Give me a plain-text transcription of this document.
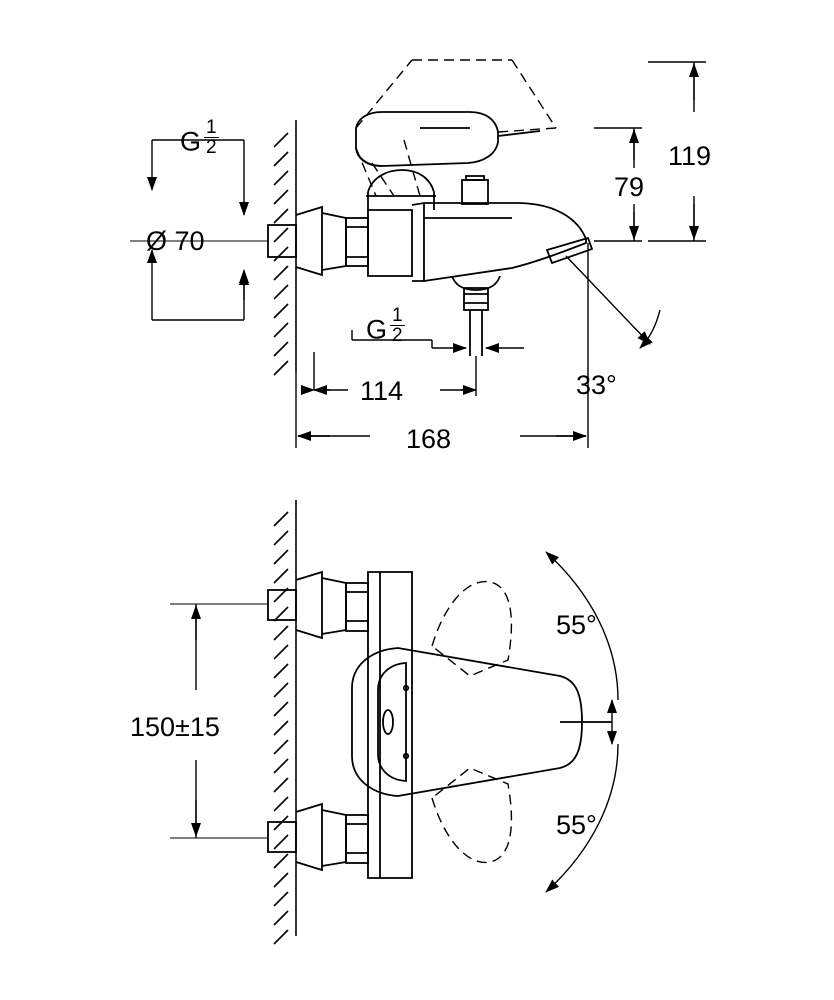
Ø 70
114
168
79
119
33°
150±15
55°
55°
G $\frac{1}{2}$
G $\frac{1}{2}$
